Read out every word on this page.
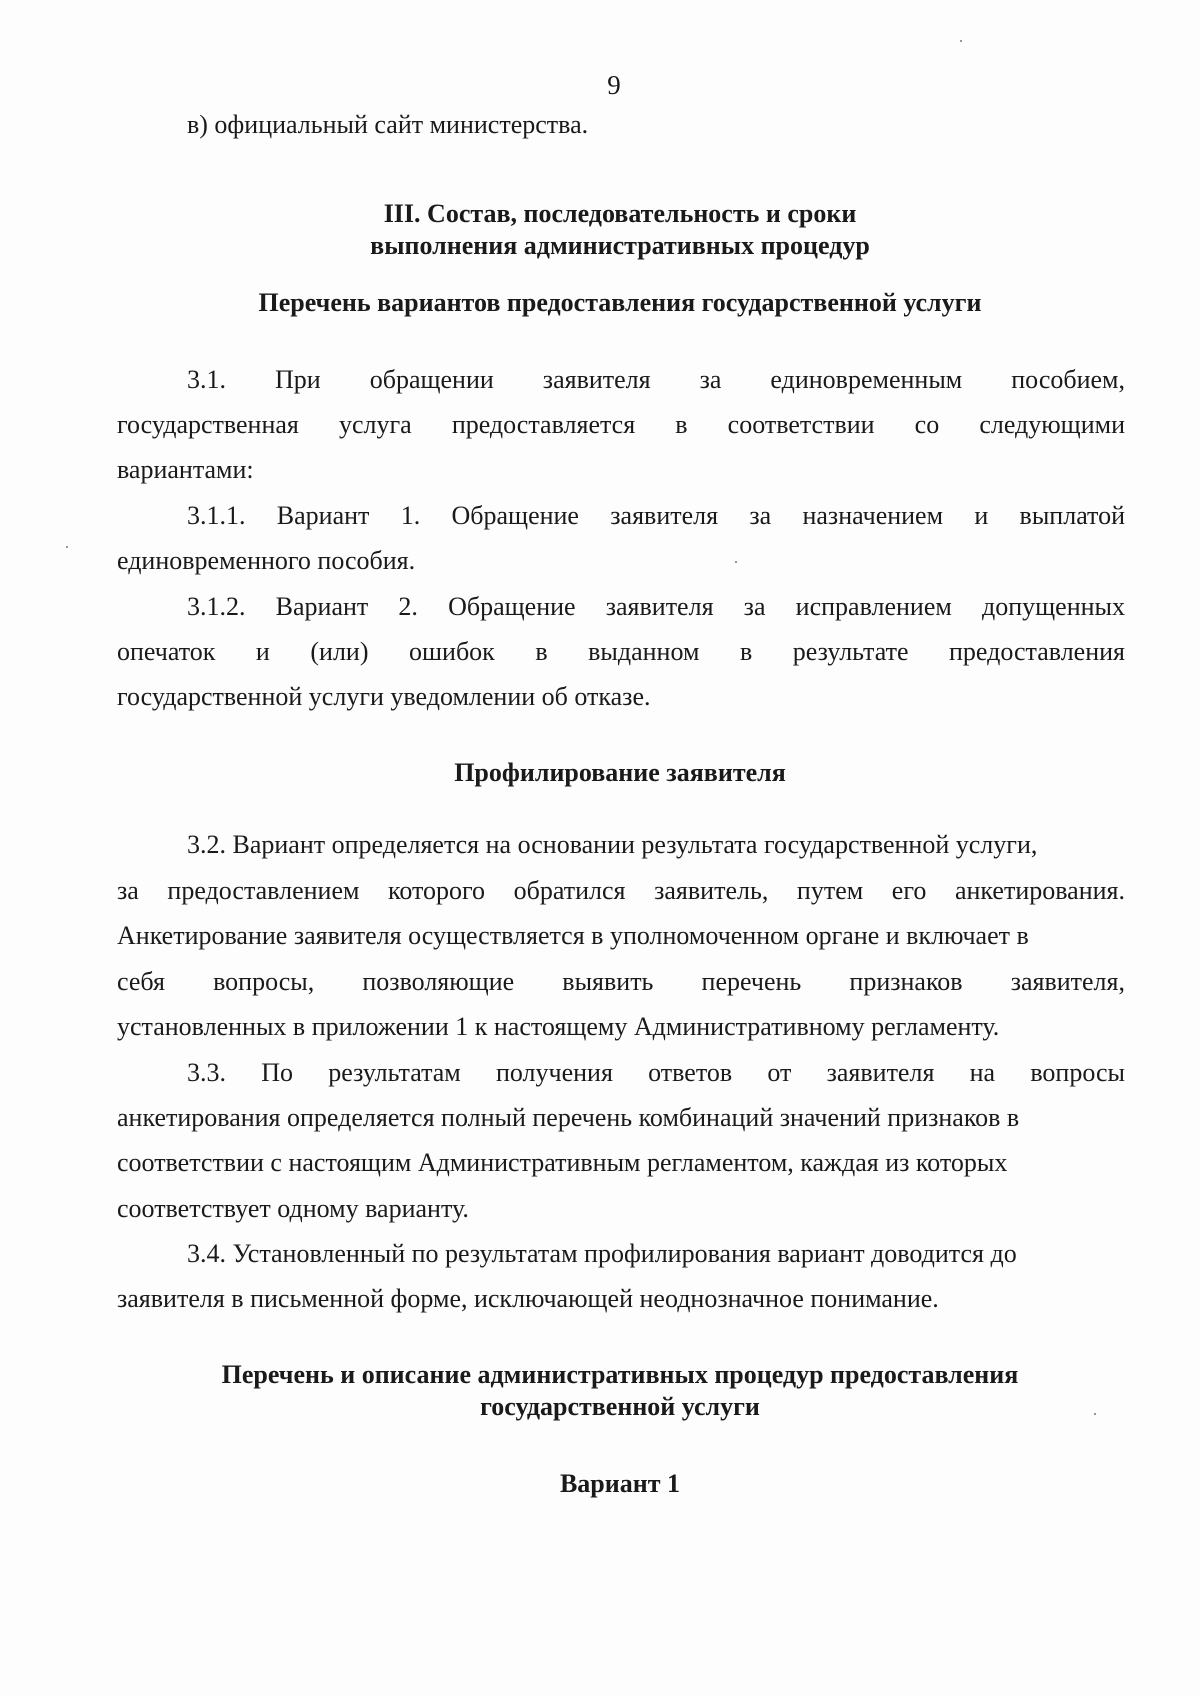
9
в) официальный сайт министерства.
III. Состав, последовательность и сроки
выполнения административных процедур
Перечень вариантов предоставления государственной услуги
3.1. При обращении заявителя за единовременным пособием,
государственная услуга предоставляется в соответствии со следующими
вариантами:
3.1.1. Вариант 1. Обращение заявителя за назначением и выплатой
единовременного пособия.
3.1.2. Вариант 2. Обращение заявителя за исправлением допущенных
опечаток и (или) ошибок в выданном в результате предоставления
государственной услуги уведомлении об отказе.
Профилирование заявителя
3.2. Вариант определяется на основании результата государственной услуги,
за предоставлением которого обратился заявитель, путем его анкетирования.
Анкетирование заявителя осуществляется в уполномоченном органе и включает в
себя вопросы, позволяющие выявить перечень признаков заявителя,
установленных в приложении 1 к настоящему Административному регламенту.
3.3. По результатам получения ответов от заявителя на вопросы
анкетирования определяется полный перечень комбинаций значений признаков в
соответствии с настоящим Административным регламентом, каждая из которых
соответствует одному варианту.
3.4. Установленный по результатам профилирования вариант доводится до
заявителя в письменной форме, исключающей неоднозначное понимание.
Перечень и описание административных процедур предоставления
государственной услуги
Вариант 1
